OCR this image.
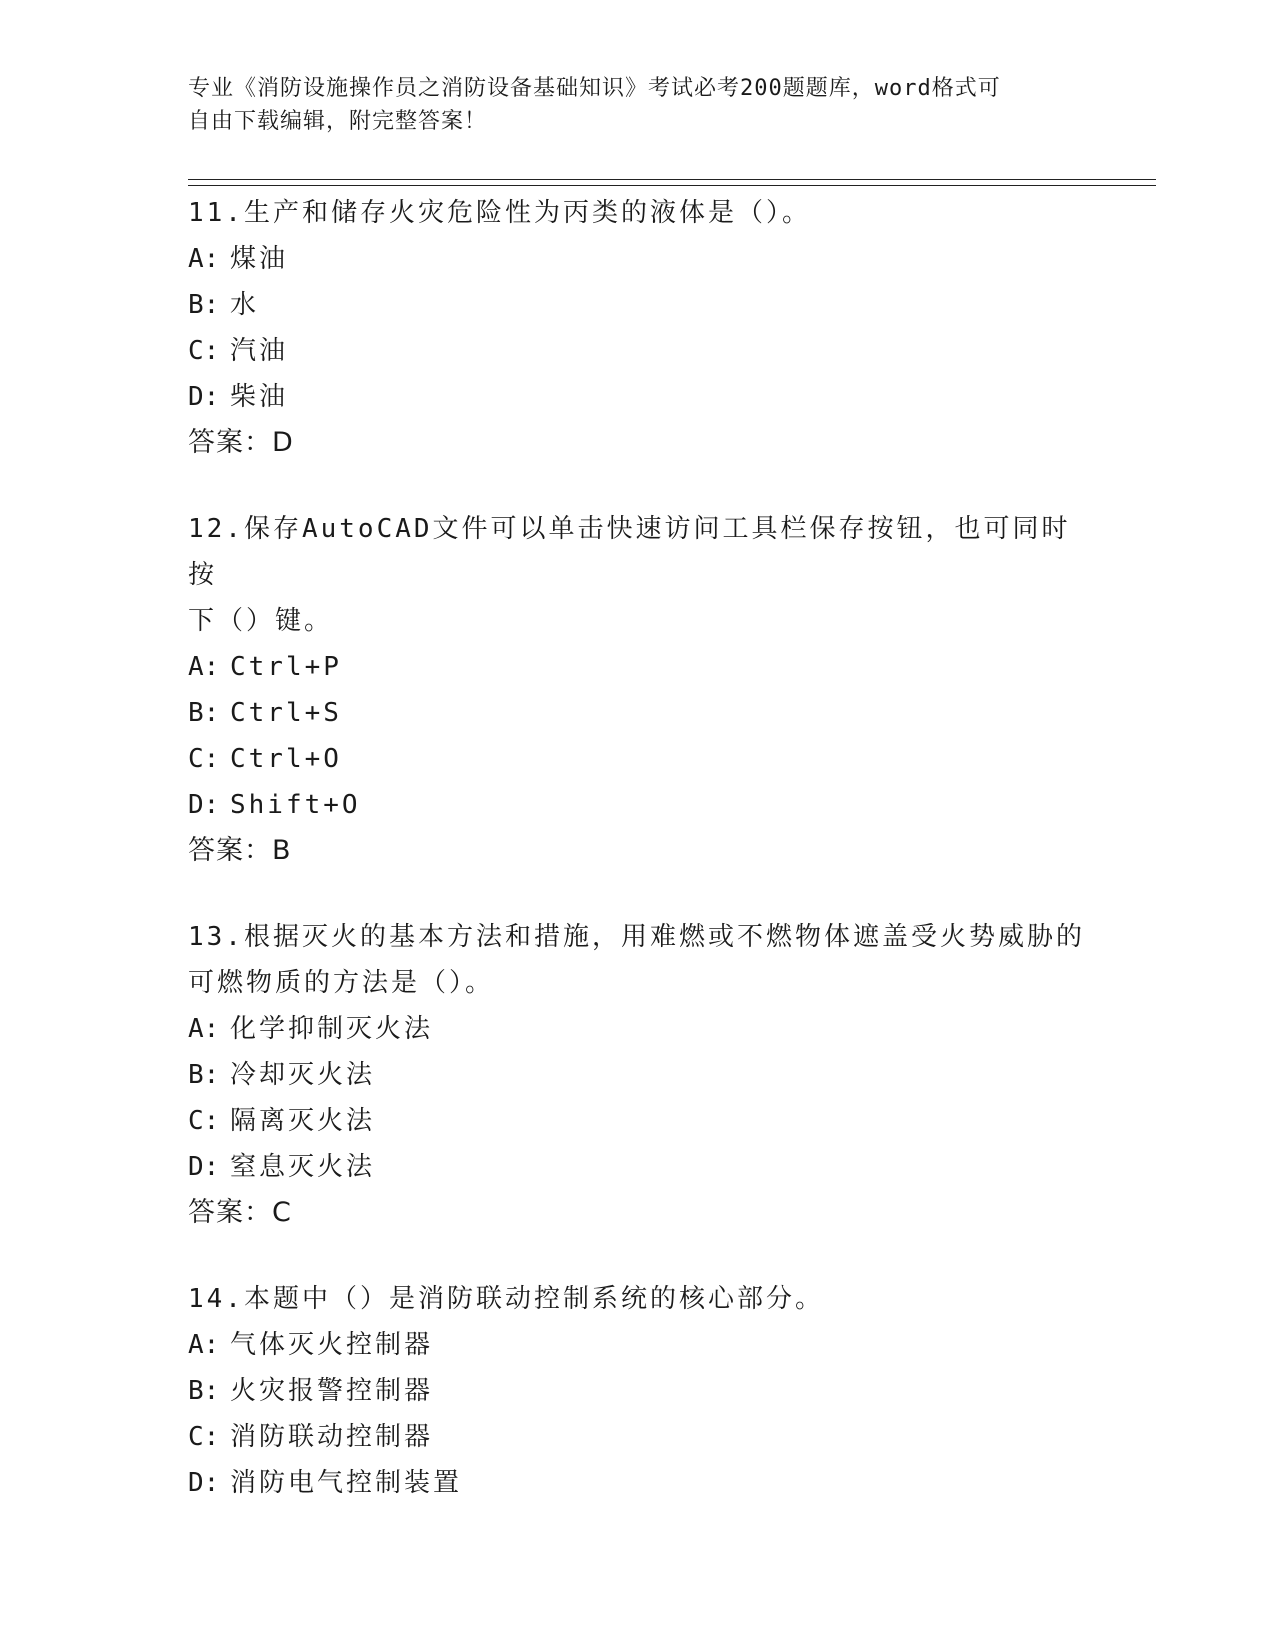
专业《消防设施操作员之消防设备基础知识》考试必考200题题库，word格式可
自由下载编辑，附完整答案！

11.生产和储存火灾危险性为丙类的液体是（）。

A: 煤油

B: 水

C: 汽油

D: 柴油

答案：D

12.保存AutoCAD文件可以单击快速访问工具栏保存按钮，也可同时按

下（）键。

A: Ctrl+P

B: Ctrl+S

C: Ctrl+O

D: Shift+O

答案：B

13.根据灭火的基本方法和措施，用难燃或不燃物体遮盖受火势威胁的

可燃物质的方法是（）。

A: 化学抑制灭火法

B: 冷却灭火法

C: 隔离灭火法

D: 窒息灭火法

答案：C

14.本题中（）是消防联动控制系统的核心部分。

A: 气体灭火控制器

B: 火灾报警控制器

C: 消防联动控制器

D: 消防电气控制装置
